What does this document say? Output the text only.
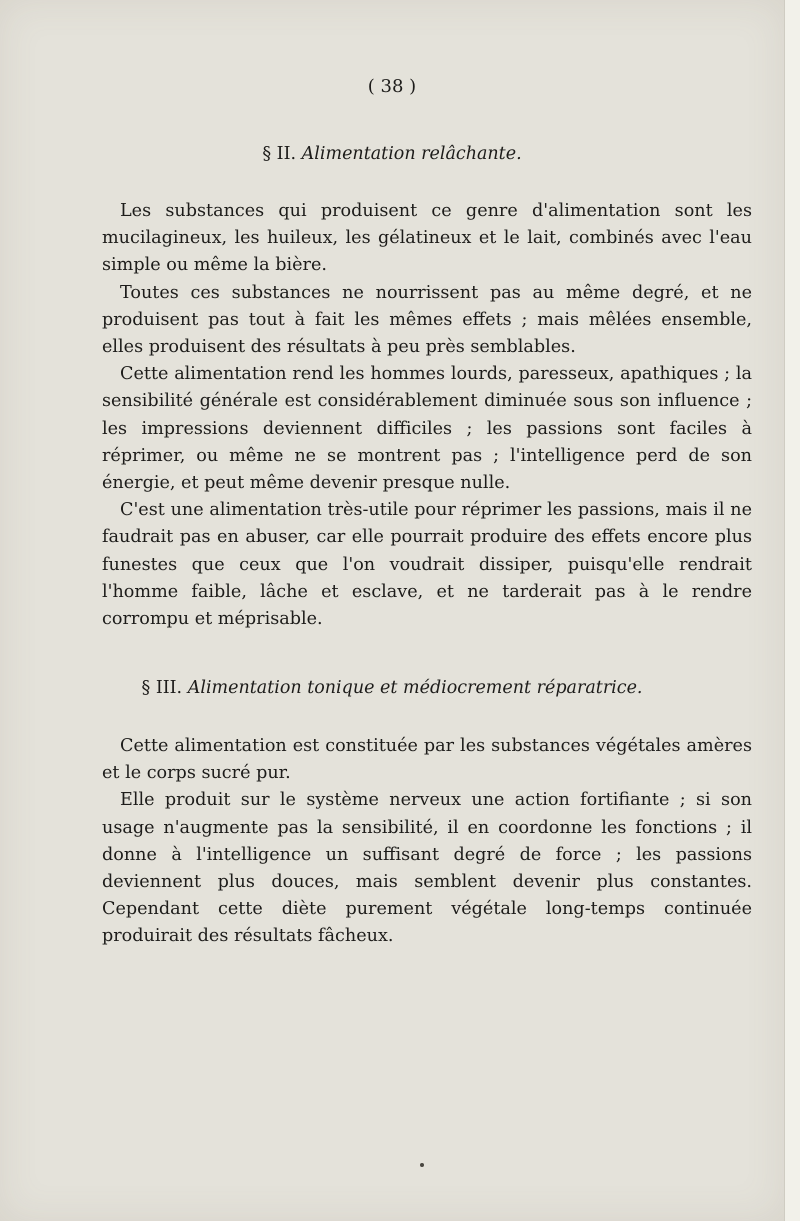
( 38 )
§ II. Alimentation relâchante.

Les substances qui produisent ce genre d'alimentation sont les mucilagineux, les huileux, les gélatineux et le lait, combinés avec l'eau simple ou même la bière.

Toutes ces substances ne nourrissent pas au même degré, et ne produisent pas tout à fait les mêmes effets ; mais mêlées ensemble, elles produisent des résultats à peu près semblables.

Cette alimentation rend les hommes lourds, paresseux, apathiques ; la sensibilité générale est considérablement diminuée sous son influence ; les impressions deviennent difficiles ; les passions sont faciles à réprimer, ou même ne se montrent pas ; l'intelligence perd de son énergie, et peut même devenir presque nulle.

C'est une alimentation très-utile pour réprimer les passions, mais il ne faudrait pas en abuser, car elle pourrait produire des effets encore plus funestes que ceux que l'on voudrait dissiper, puisqu'elle rendrait l'homme faible, lâche et esclave, et ne tarderait pas à le rendre corrompu et méprisable.

§ III. Alimentation tonique et médiocrement réparatrice.

Cette alimentation est constituée par les substances végétales amères et le corps sucré pur.

Elle produit sur le système nerveux une action fortifiante ; si son usage n'augmente pas la sensibilité, il en coordonne les fonctions ; il donne à l'intelligence un suffisant degré de force ; les passions deviennent plus douces, mais semblent devenir plus constantes. Cependant cette diète purement végétale long-temps continuée produirait des résultats fâcheux.
